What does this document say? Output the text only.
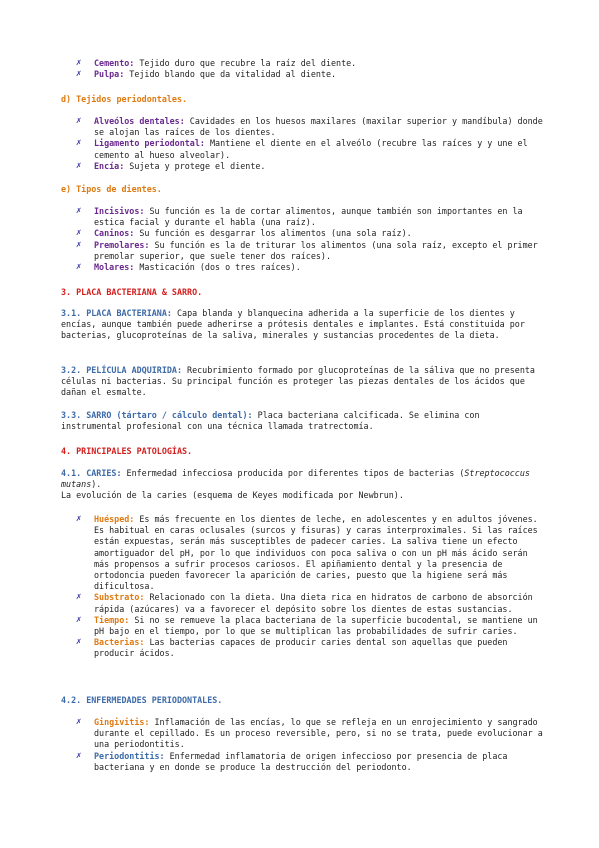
✗ Cemento: Tejido duro que recubre la raíz del diente.
✗ Pulpa: Tejido blando que da vitalidad al diente.
d) Tejidos periodontales.
✗ Alveólos dentales: Cavidades en los huesos maxilares (maxilar superior y mandíbula) donde se alojan las raíces de los dientes.
✗ Ligamento periodontal: Mantiene el diente en el alveólo (recubre las raíces y y une el cemento al hueso alveolar).
✗ Encía: Sujeta y protege el diente.
e) Tipos de dientes.
✗ Incisivos: Su función es la de cortar alimentos, aunque también son importantes en la estica facial y durante el habla (una raíz).
✗ Caninos: Su función es desgarrar los alimentos (una sola raíz).
✗ Premolares: Su función es la de triturar los alimentos (una sola raíz, excepto el primer premolar superior, que suele tener dos raíces).
✗ Molares: Masticación (dos o tres raíces).
3. PLACA BACTERIANA & SARRO.
3.1. PLACA BACTERIANA: Capa blanda y blanquecina adherida a la superficie de los dientes y encías, aunque también puede adherirse a prótesis dentales e implantes. Está constituida por bacterias, glucoproteínas de la saliva, minerales y sustancias procedentes de la dieta.
3.2. PELÍCULA ADQUIRIDA: Recubrimiento formado por glucoproteínas de la sáliva que no presenta células ni bacterias. Su principal función es proteger las piezas dentales de los ácidos que dañan el esmalte.
3.3. SARRO (tártaro / cálculo dental): Placa bacteriana calcificada. Se elimina con instrumental profesional con una técnica llamada tratrectomía.
4. PRINCIPALES PATOLOGÍAS.
4.1. CARIES: Enfermedad infecciosa producida por diferentes tipos de bacterias (Streptococcus mutans).
La evolución de la caries (esquema de Keyes modificada por Newbrun).
✗ Huésped: Es más frecuente en los dientes de leche, en adolescentes y en adultos jóvenes. Es habitual en caras oclusales (surcos y fisuras) y caras interproximales. Si las raíces están expuestas, serán más susceptibles de padecer caries. La saliva tiene un efecto amortiguador del pH, por lo que individuos con poca saliva o con un pH más ácido serán más propensos a sufrir procesos cariosos. El apiñamiento dental y la presencia de ortodoncia pueden favorecer la aparición de caries, puesto que la higiene será más dificultosa.
✗ Substrato: Relacionado con la dieta. Una dieta rica en hidratos de carbono de absorción rápida (azúcares) va a favorecer el depósito sobre los dientes de estas sustancias.
✗ Tiempo: Si no se remueve la placa bacteriana de la superficie bucodental, se mantiene un pH bajo en el tiempo, por lo que se multiplican las probabilidades de sufrir caries.
✗ Bacterias: Las bacterias capaces de producir caries dental son aquellas que pueden producir ácidos.
4.2. ENFERMEDADES PERIODONTALES.
✗ Gingivitis: Inflamación de las encías, lo que se refleja en un enrojecimiento y sangrado durante el cepillado. Es un proceso reversible, pero, si no se trata, puede evolucionar a una periodontitis.
✗ Periodontitis: Enfermedad inflamatoria de origen infeccioso por presencia de placa bacteriana y en donde se produce la destrucción del periodonto.
